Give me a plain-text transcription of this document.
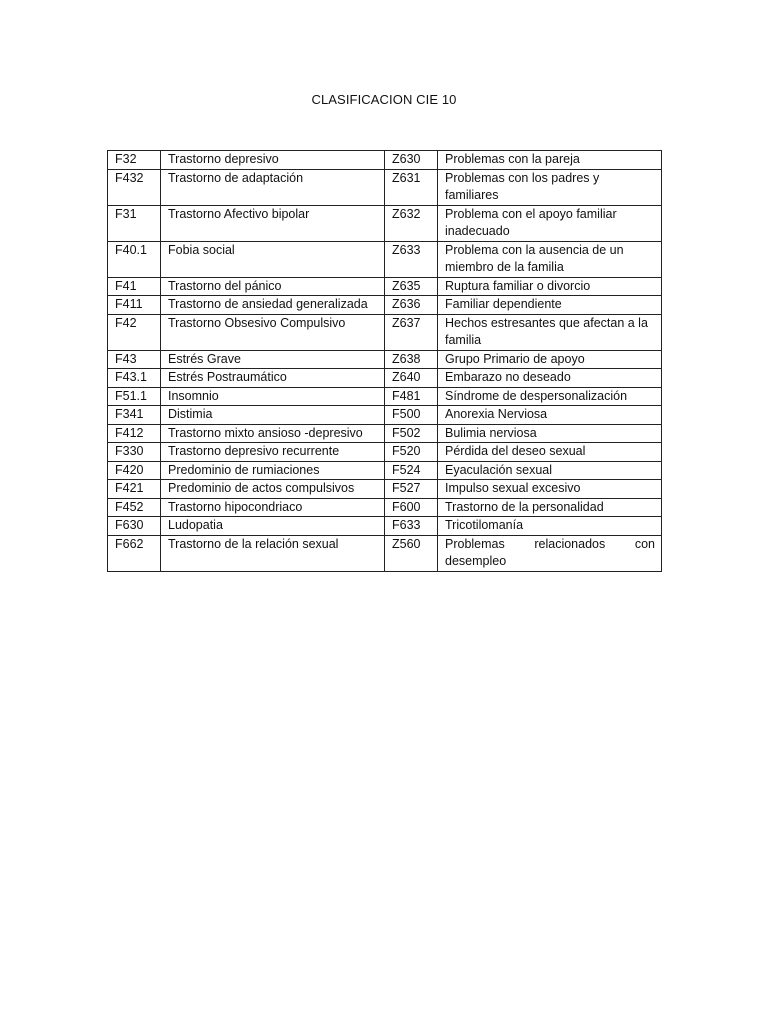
CLASIFICACION CIE 10
F32	Trastorno depresivo	Z630	Problemas con la pareja
F432	Trastorno de adaptación	Z631	Problemas con los padres y familiares
F31	Trastorno Afectivo bipolar	Z632	Problema con el apoyo familiar inadecuado
F40.1	Fobia social	Z633	Problema con la ausencia de un miembro de la familia
F41	Trastorno del pánico	Z635	Ruptura familiar o divorcio
F411	Trastorno de ansiedad generalizada	Z636	Familiar dependiente
F42	Trastorno Obsesivo Compulsivo	Z637	Hechos estresantes que afectan a la familia
F43	Estrés Grave	Z638	Grupo Primario de apoyo
F43.1	Estrés Postraumático	Z640	Embarazo no deseado
F51.1	Insomnio	F481	Síndrome de despersonalización
F341	Distimia	F500	Anorexia Nerviosa
F412	Trastorno mixto ansioso -depresivo	F502	Bulimia nerviosa
F330	Trastorno depresivo recurrente	F520	Pérdida del deseo sexual
F420	Predominio de rumiaciones	F524	Eyaculación sexual
F421	Predominio de actos compulsivos	F527	Impulso sexual excesivo
F452	Trastorno hipocondriaco	F600	Trastorno de la personalidad
F630	Ludopatia	F633	Tricotilomanía
F662	Trastorno de la relación sexual	Z560	Problemas relacionados con desempleo
